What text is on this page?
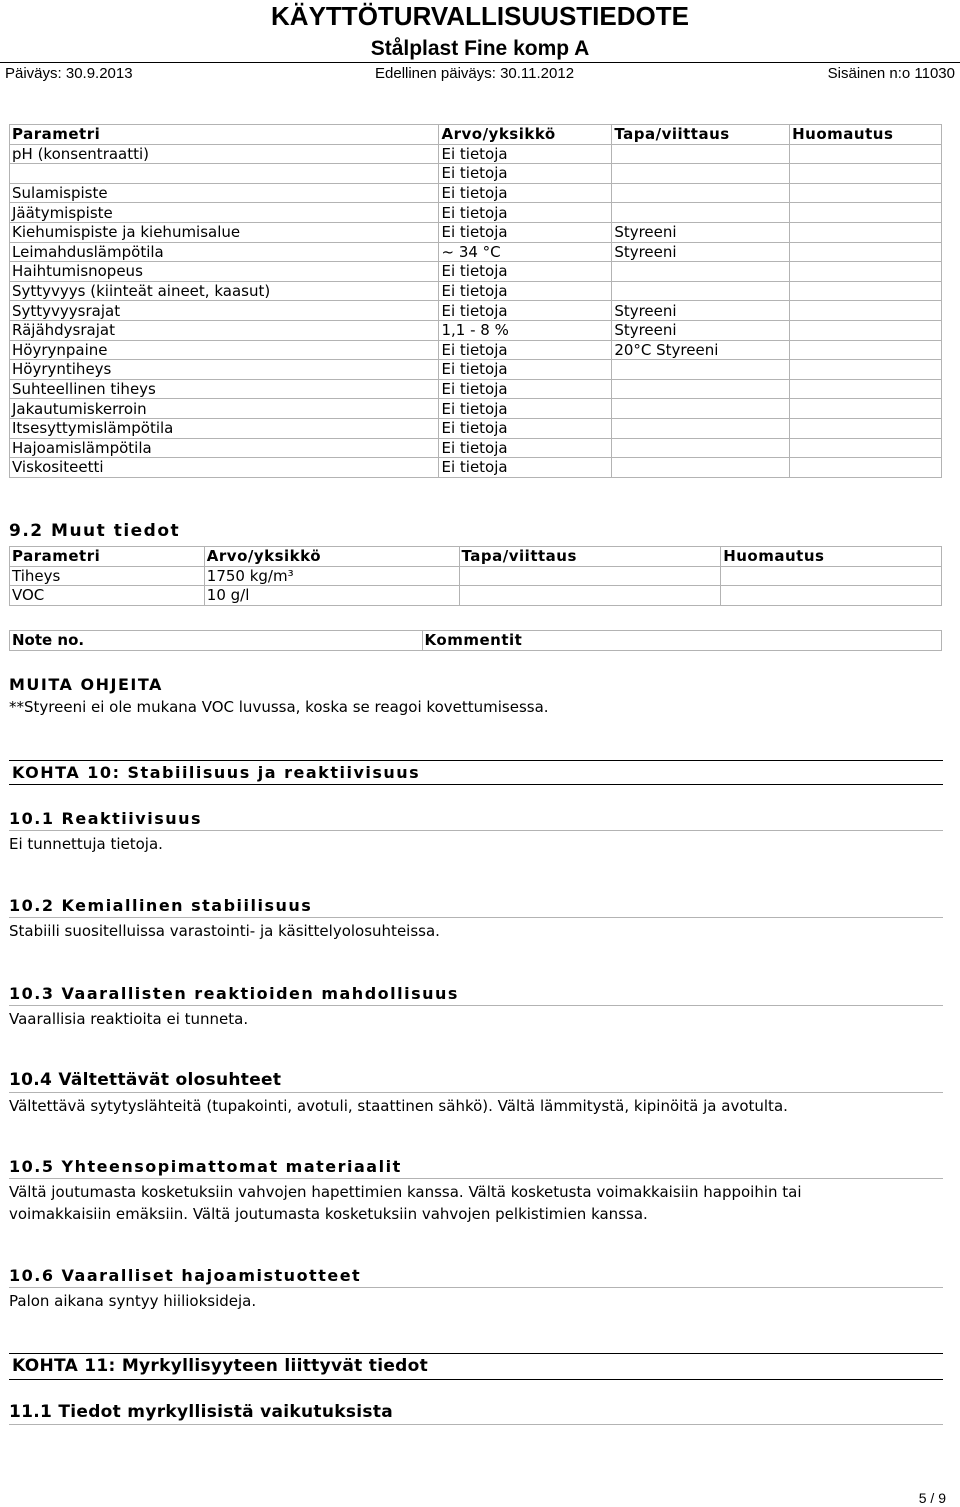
KÄYTTÖTURVALLISUUSTIEDOTE
Stålplast Fine komp A
Päiväys: 30.9.2013	Edellinen päiväys: 30.11.2012	Sisäinen n:o 11030
Parametri	Arvo/yksikkö	Tapa/viittaus	Huomautus
pH (konsentraatti)	Ei tietoja		
	Ei tietoja		
Sulamispiste	Ei tietoja		
Jäätymispiste	Ei tietoja		
Kiehumispiste ja kiehumisalue	Ei tietoja	Styreeni	
Leimahduslämpötila	~ 34 °C	Styreeni	
Haihtumisnopeus	Ei tietoja		
Syttyvyys (kiinteät aineet, kaasut)	Ei tietoja		
Syttyvyysrajat	Ei tietoja	Styreeni	
Räjähdysrajat	1,1 - 8 %	Styreeni	
Höyrynpaine	Ei tietoja	20°C Styreeni	
Höyryntiheys	Ei tietoja		
Suhteellinen tiheys	Ei tietoja		
Jakautumiskerroin	Ei tietoja		
Itsesyttymislämpötila	Ei tietoja		
Hajoamislämpötila	Ei tietoja		
Viskositeetti	Ei tietoja		
9.2 Muut tiedot
Parametri	Arvo/yksikkö	Tapa/viittaus	Huomautus
Tiheys	1750 kg/m³		
VOC	10 g/l		
Note no.	Kommentit
MUITA OHJEITA
**Styreeni ei ole mukana VOC luvussa, koska se reagoi kovettumisessa.
KOHTA 10: Stabiilisuus ja reaktiivisuus
10.1 Reaktiivisuus
Ei tunnettuja tietoja.
10.2 Kemiallinen stabiilisuus
Stabiili suositelluissa varastointi- ja käsittelyolosuhteissa.
10.3 Vaarallisten reaktioiden mahdollisuus
Vaarallisia reaktioita ei tunneta.
10.4 Vältettävät olosuhteet
Vältettävä sytytyslähteitä (tupakointi, avotuli, staattinen sähkö). Vältä lämmitystä, kipinöitä ja avotulta.
10.5 Yhteensopimattomat materiaalit
Vältä joutumasta kosketuksiin vahvojen hapettimien kanssa. Vältä kosketusta voimakkaisiin happoihin tai
voimakkaisiin emäksiin. Vältä joutumasta kosketuksiin vahvojen pelkistimien kanssa.
10.6 Vaaralliset hajoamistuotteet
Palon aikana syntyy hiilioksideja.
KOHTA 11: Myrkyllisyyteen liittyvät tiedot
11.1 Tiedot myrkyllisistä vaikutuksista
5 / 9
